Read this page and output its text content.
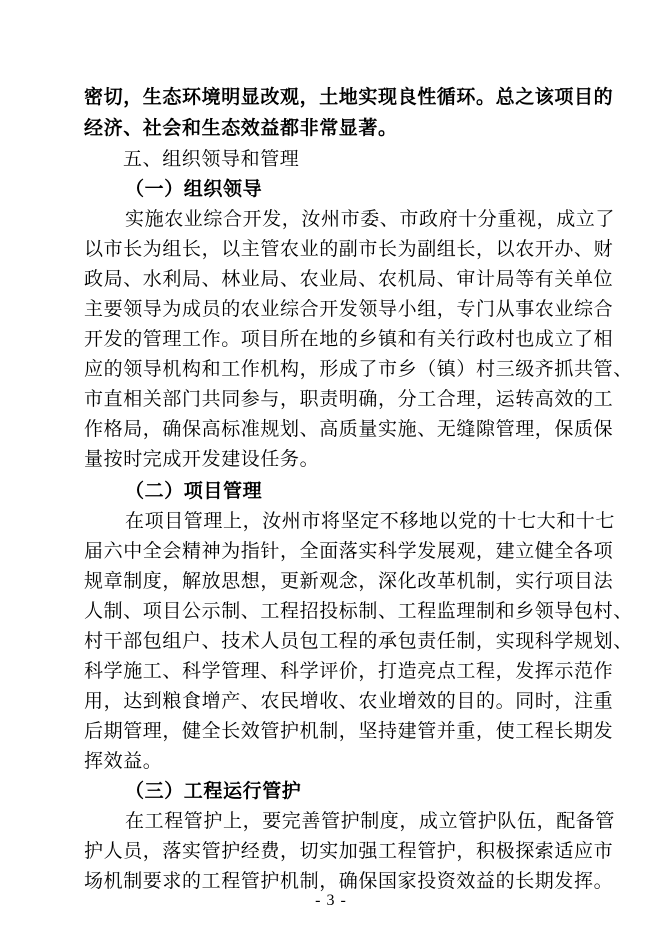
密切，生态环境明显改观，土地实现良性循环。总之该项目的
经济、社会和生态效益都非常显著。
五、组织领导和管理
（一）组织领导
实施农业综合开发，汝州市委、市政府十分重视，成立了
以市长为组长，以主管农业的副市长为副组长，以农开办、财
政局、水利局、林业局、农业局、农机局、审计局等有关单位
主要领导为成员的农业综合开发领导小组，专门从事农业综合
开发的管理工作。项目所在地的乡镇和有关行政村也成立了相
应的领导机构和工作机构，形成了市乡（镇）村三级齐抓共管、
市直相关部门共同参与，职责明确，分工合理，运转高效的工
作格局，确保高标准规划、高质量实施、无缝隙管理，保质保
量按时完成开发建设任务。
（二）项目管理
在项目管理上，汝州市将坚定不移地以党的十七大和十七
届六中全会精神为指针，全面落实科学发展观，建立健全各项
规章制度，解放思想，更新观念，深化改革机制，实行项目法
人制、项目公示制、工程招投标制、工程监理制和乡领导包村、
村干部包组户、技术人员包工程的承包责任制，实现科学规划、
科学施工、科学管理、科学评价，打造亮点工程，发挥示范作
用，达到粮食增产、农民增收、农业增效的目的。同时，注重
后期管理，健全长效管护机制，坚持建管并重，使工程长期发
挥效益。
（三）工程运行管护
在工程管护上，要完善管护制度，成立管护队伍，配备管
护人员，落实管护经费，切实加强工程管护，积极探索适应市
场机制要求的工程管护机制，确保国家投资效益的长期发挥。
- 3 -
